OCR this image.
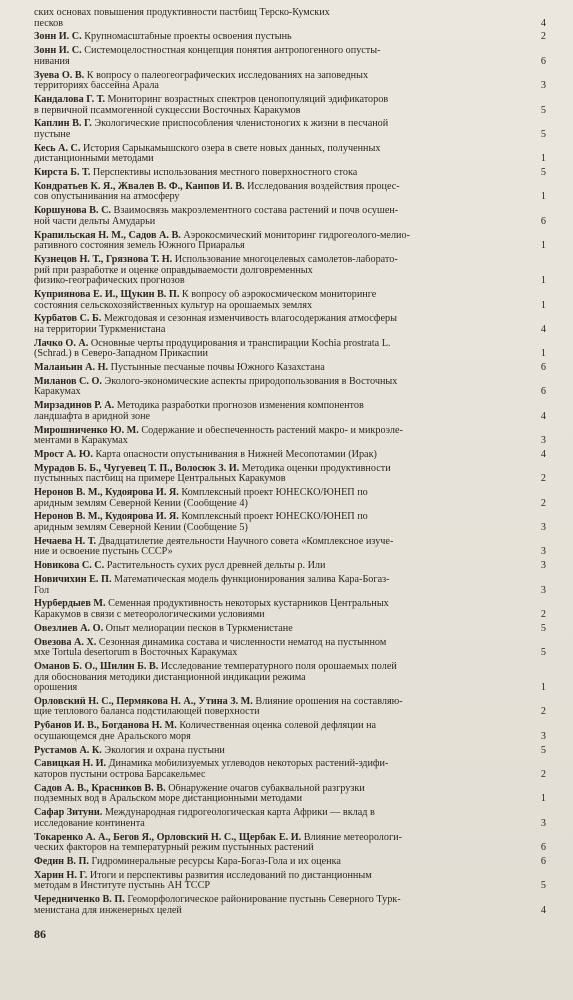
ских основах повышения продуктивности пастбищ Терско-Кумских
песков	4
Зонн И. С. Крупномасштабные проекты освоения пустынь	2
Зонн И. С. Системоцелостностная концепция понятия антропогенного опусты-
нивания	6
Зуева О. В. К вопросу о палеогеографических исследованиях на заповедных
территориях бассейна Арала	3
Кандалова Г. Т. Мониторинг возрастных спектров ценопопуляций эдификаторов
в первичной псаммогенной сукцессии Восточных Каракумов	5
Каплин В. Г. Экологические приспособления членистоногих к жизни в песчаной
пустыне	5
Кесь А. С. История Сарыкамышского озера в свете новых данных, полученных
дистанционными методами	1
Кирста Б. Т. Перспективы использования местного поверхностного стока	5
Кондратьев К. Я., Жвалев В. Ф., Каипов И. В. Исследования воздействия процес-
сов опустынивания на атмосферу	1
Коршунова В. С. Взаимосвязь макроэлементного состава растений и почв осушен-
ной части дельты Амударьи	6
Крапильская Н. М., Садов А. В. Аэрокосмический мониторинг гидрогеолого-мелио-
ративного состояния земель Южного Приаралья	1
Кузнецов Н. Т., Грязнова Т. Н. Использование многоцелевых самолетов-лаборато-
рий при разработке и оценке оправдываемости долговременных
физико-географических прогнозов	1
Куприянова Е. И., Щукин В. П. К вопросу об аэрокосмическом мониторинге
состояния сельскохозяйственных культур на орошаемых землях	1
Курбатов С. Б. Межгодовая и сезонная изменчивость влагосодержания атмосферы
на территории Туркменистана	4
Лачко О. А. Основные черты продуцирования и транспирации Kochia prostrata L.
(Schrad.) в Северо-Западном Прикаспии	1
Малаиьин А. Н. Пустынные песчаные почвы Южного Казахстана	6
Миланов С. О. Эколого-экономические аспекты природопользования в Восточных
Каракумах	6
Мирзадинов Р. А. Методика разработки прогнозов изменения компонентов
ландшафта в аридной зоне	4
Мирошниченко Ю. М. Содержание и обеспеченность растений макро- и микроэле-
ментами в Каракумах	3
Мрост А. Ю. Карта опасности опустынивания в Нижней Месопотамии (Ирак)	4
Мурадов Б. Б., Чугуевец Т. П., Волосюк З. И. Методика оценки продуктивности
пустынных пастбищ на примере Центральных Каракумов	2
Неронов В. М., Кудоярова И. Я. Комплексный проект ЮНЕСКО/ЮНЕП по
аридным землям Северной Кении (Сообщение 4)	2
Неронов В. М., Кудоярова И. Я. Комплексный проект ЮНЕСКО/ЮНЕП по
аридным землям Северной Кении (Сообщение 5)	3
Нечаева Н. Т. Двадцатилетие деятельности Научного совета «Комплексное изуче-
ние и освоение пустынь СССР»	3
Новикова С. С. Растительность сухих русл древней дельты р. Или	3
Новичихин Е. П. Математическая модель функционирования залива Кара-Богаз-
Гол	3
Нурбердыев М. Семенная продуктивность некоторых кустарников Центральных
Каракумов в связи с метеорологическими условиями	2
Овезлиев А. О. Опыт мелиорации песков в Туркменистане	5
Овезова А. Х. Сезонная динамика состава и численности нематод на пустынном
мхе Tortula desertorum в Восточных Каракумах	5
Оманов Б. О., Шилин Б. В. Исследование температурного поля орошаемых полей
для обоснования методики дистанционной индикации режима
орошения	1
Орловский Н. С., Пермякова Н. А., Утина З. М. Влияние орошения на составляю-
щие теплового баланса подстилающей поверхности	2
Рубанов И. В., Богданова Н. М. Количественная оценка солевой дефляции на
осушающемся дне Аральского моря	3
Рустамов А. К. Экология и охрана пустыни	5
Савицкая Н. И. Динамика мобилизуемых углеводов некоторых растений-эдифи-
каторов пустыни острова Барсакельмес	2
Садов А. В., Красников В. В. Обнаружение очагов субаквальной разгрузки
подземных вод в Аральском море дистанционными методами	1
Сафар Зитуни. Международная гидрогеологическая карта Африки — вклад в
исследование континента	3
Токаренко А. А., Бегов Я., Орловский Н. С., Щербак Е. И. Влияние метеорологи-
ческих факторов на температурный режим пустынных растений	6
Федин В. П. Гидроминеральные ресурсы Кара-Богаз-Гола и их оценка	6
Харин Н. Г. Итоги и перспективы развития исследований по дистанционным
методам в Институте пустынь АН ТССР	5
Чередниченко В. П. Геоморфологическое районирование пустынь Северного Турк-
менистана для инженерных целей	4
86
